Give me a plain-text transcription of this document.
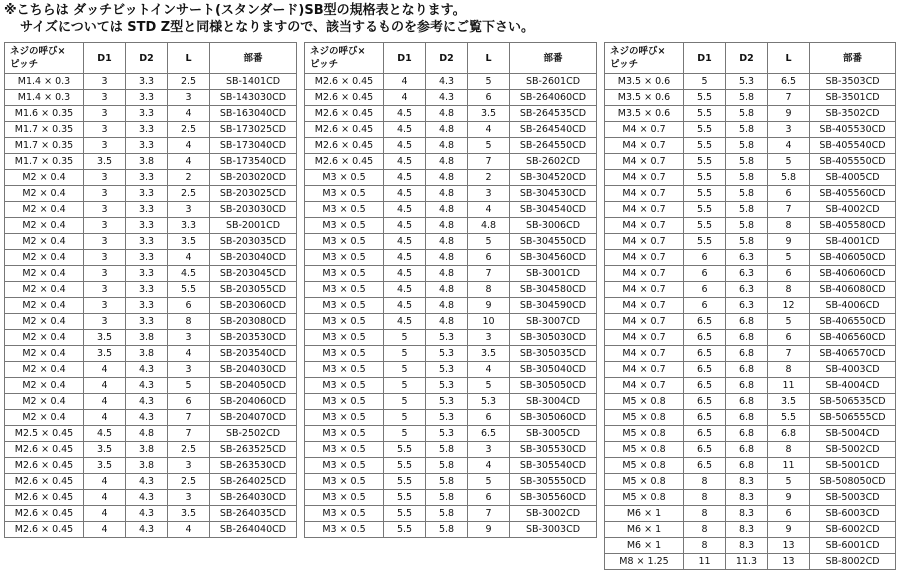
※こちらは ダッチビットインサート(スタンダード)SB型の規格表となります。
サイズについては STD Z型と同様となりますので、該当するものを参考にご覧下さい。
ネジの呼び×
ピッチ	D1	D2	L	部番
M1.4 × 0.3	3	3.3	2.5	SB-1401CD
M1.4 × 0.3	3	3.3	3	SB-143030CD
M1.6 × 0.35	3	3.3	4	SB-163040CD
M1.7 × 0.35	3	3.3	2.5	SB-173025CD
M1.7 × 0.35	3	3.3	4	SB-173040CD
M1.7 × 0.35	3.5	3.8	4	SB-173540CD
M2 × 0.4	3	3.3	2	SB-203020CD
M2 × 0.4	3	3.3	2.5	SB-203025CD
M2 × 0.4	3	3.3	3	SB-203030CD
M2 × 0.4	3	3.3	3.3	SB-2001CD
M2 × 0.4	3	3.3	3.5	SB-203035CD
M2 × 0.4	3	3.3	4	SB-203040CD
M2 × 0.4	3	3.3	4.5	SB-203045CD
M2 × 0.4	3	3.3	5.5	SB-203055CD
M2 × 0.4	3	3.3	6	SB-203060CD
M2 × 0.4	3	3.3	8	SB-203080CD
M2 × 0.4	3.5	3.8	3	SB-203530CD
M2 × 0.4	3.5	3.8	4	SB-203540CD
M2 × 0.4	4	4.3	3	SB-204030CD
M2 × 0.4	4	4.3	5	SB-204050CD
M2 × 0.4	4	4.3	6	SB-204060CD
M2 × 0.4	4	4.3	7	SB-204070CD
M2.5 × 0.45	4.5	4.8	7	SB-2502CD
M2.6 × 0.45	3.5	3.8	2.5	SB-263525CD
M2.6 × 0.45	3.5	3.8	3	SB-263530CD
M2.6 × 0.45	4	4.3	2.5	SB-264025CD
M2.6 × 0.45	4	4.3	3	SB-264030CD
M2.6 × 0.45	4	4.3	3.5	SB-264035CD
M2.6 × 0.45	4	4.3	4	SB-264040CD
ネジの呼び×
ピッチ	D1	D2	L	部番
M2.6 × 0.45	4	4.3	5	SB-2601CD
M2.6 × 0.45	4	4.3	6	SB-264060CD
M2.6 × 0.45	4.5	4.8	3.5	SB-264535CD
M2.6 × 0.45	4.5	4.8	4	SB-264540CD
M2.6 × 0.45	4.5	4.8	5	SB-264550CD
M2.6 × 0.45	4.5	4.8	7	SB-2602CD
M3 × 0.5	4.5	4.8	2	SB-304520CD
M3 × 0.5	4.5	4.8	3	SB-304530CD
M3 × 0.5	4.5	4.8	4	SB-304540CD
M3 × 0.5	4.5	4.8	4.8	SB-3006CD
M3 × 0.5	4.5	4.8	5	SB-304550CD
M3 × 0.5	4.5	4.8	6	SB-304560CD
M3 × 0.5	4.5	4.8	7	SB-3001CD
M3 × 0.5	4.5	4.8	8	SB-304580CD
M3 × 0.5	4.5	4.8	9	SB-304590CD
M3 × 0.5	4.5	4.8	10	SB-3007CD
M3 × 0.5	5	5.3	3	SB-305030CD
M3 × 0.5	5	5.3	3.5	SB-305035CD
M3 × 0.5	5	5.3	4	SB-305040CD
M3 × 0.5	5	5.3	5	SB-305050CD
M3 × 0.5	5	5.3	5.3	SB-3004CD
M3 × 0.5	5	5.3	6	SB-305060CD
M3 × 0.5	5	5.3	6.5	SB-3005CD
M3 × 0.5	5.5	5.8	3	SB-305530CD
M3 × 0.5	5.5	5.8	4	SB-305540CD
M3 × 0.5	5.5	5.8	5	SB-305550CD
M3 × 0.5	5.5	5.8	6	SB-305560CD
M3 × 0.5	5.5	5.8	7	SB-3002CD
M3 × 0.5	5.5	5.8	9	SB-3003CD
ネジの呼び×
ピッチ	D1	D2	L	部番
M3.5 × 0.6	5	5.3	6.5	SB-3503CD
M3.5 × 0.6	5.5	5.8	7	SB-3501CD
M3.5 × 0.6	5.5	5.8	9	SB-3502CD
M4 × 0.7	5.5	5.8	3	SB-405530CD
M4 × 0.7	5.5	5.8	4	SB-405540CD
M4 × 0.7	5.5	5.8	5	SB-405550CD
M4 × 0.7	5.5	5.8	5.8	SB-4005CD
M4 × 0.7	5.5	5.8	6	SB-405560CD
M4 × 0.7	5.5	5.8	7	SB-4002CD
M4 × 0.7	5.5	5.8	8	SB-405580CD
M4 × 0.7	5.5	5.8	9	SB-4001CD
M4 × 0.7	6	6.3	5	SB-406050CD
M4 × 0.7	6	6.3	6	SB-406060CD
M4 × 0.7	6	6.3	8	SB-406080CD
M4 × 0.7	6	6.3	12	SB-4006CD
M4 × 0.7	6.5	6.8	5	SB-406550CD
M4 × 0.7	6.5	6.8	6	SB-406560CD
M4 × 0.7	6.5	6.8	7	SB-406570CD
M4 × 0.7	6.5	6.8	8	SB-4003CD
M4 × 0.7	6.5	6.8	11	SB-4004CD
M5 × 0.8	6.5	6.8	3.5	SB-506535CD
M5 × 0.8	6.5	6.8	5.5	SB-506555CD
M5 × 0.8	6.5	6.8	6.8	SB-5004CD
M5 × 0.8	6.5	6.8	8	SB-5002CD
M5 × 0.8	6.5	6.8	11	SB-5001CD
M5 × 0.8	8	8.3	5	SB-508050CD
M5 × 0.8	8	8.3	9	SB-5003CD
M6 × 1	8	8.3	6	SB-6003CD
M6 × 1	8	8.3	9	SB-6002CD
M6 × 1	8	8.3	13	SB-6001CD
M8 × 1.25	11	11.3	13	SB-8002CD
